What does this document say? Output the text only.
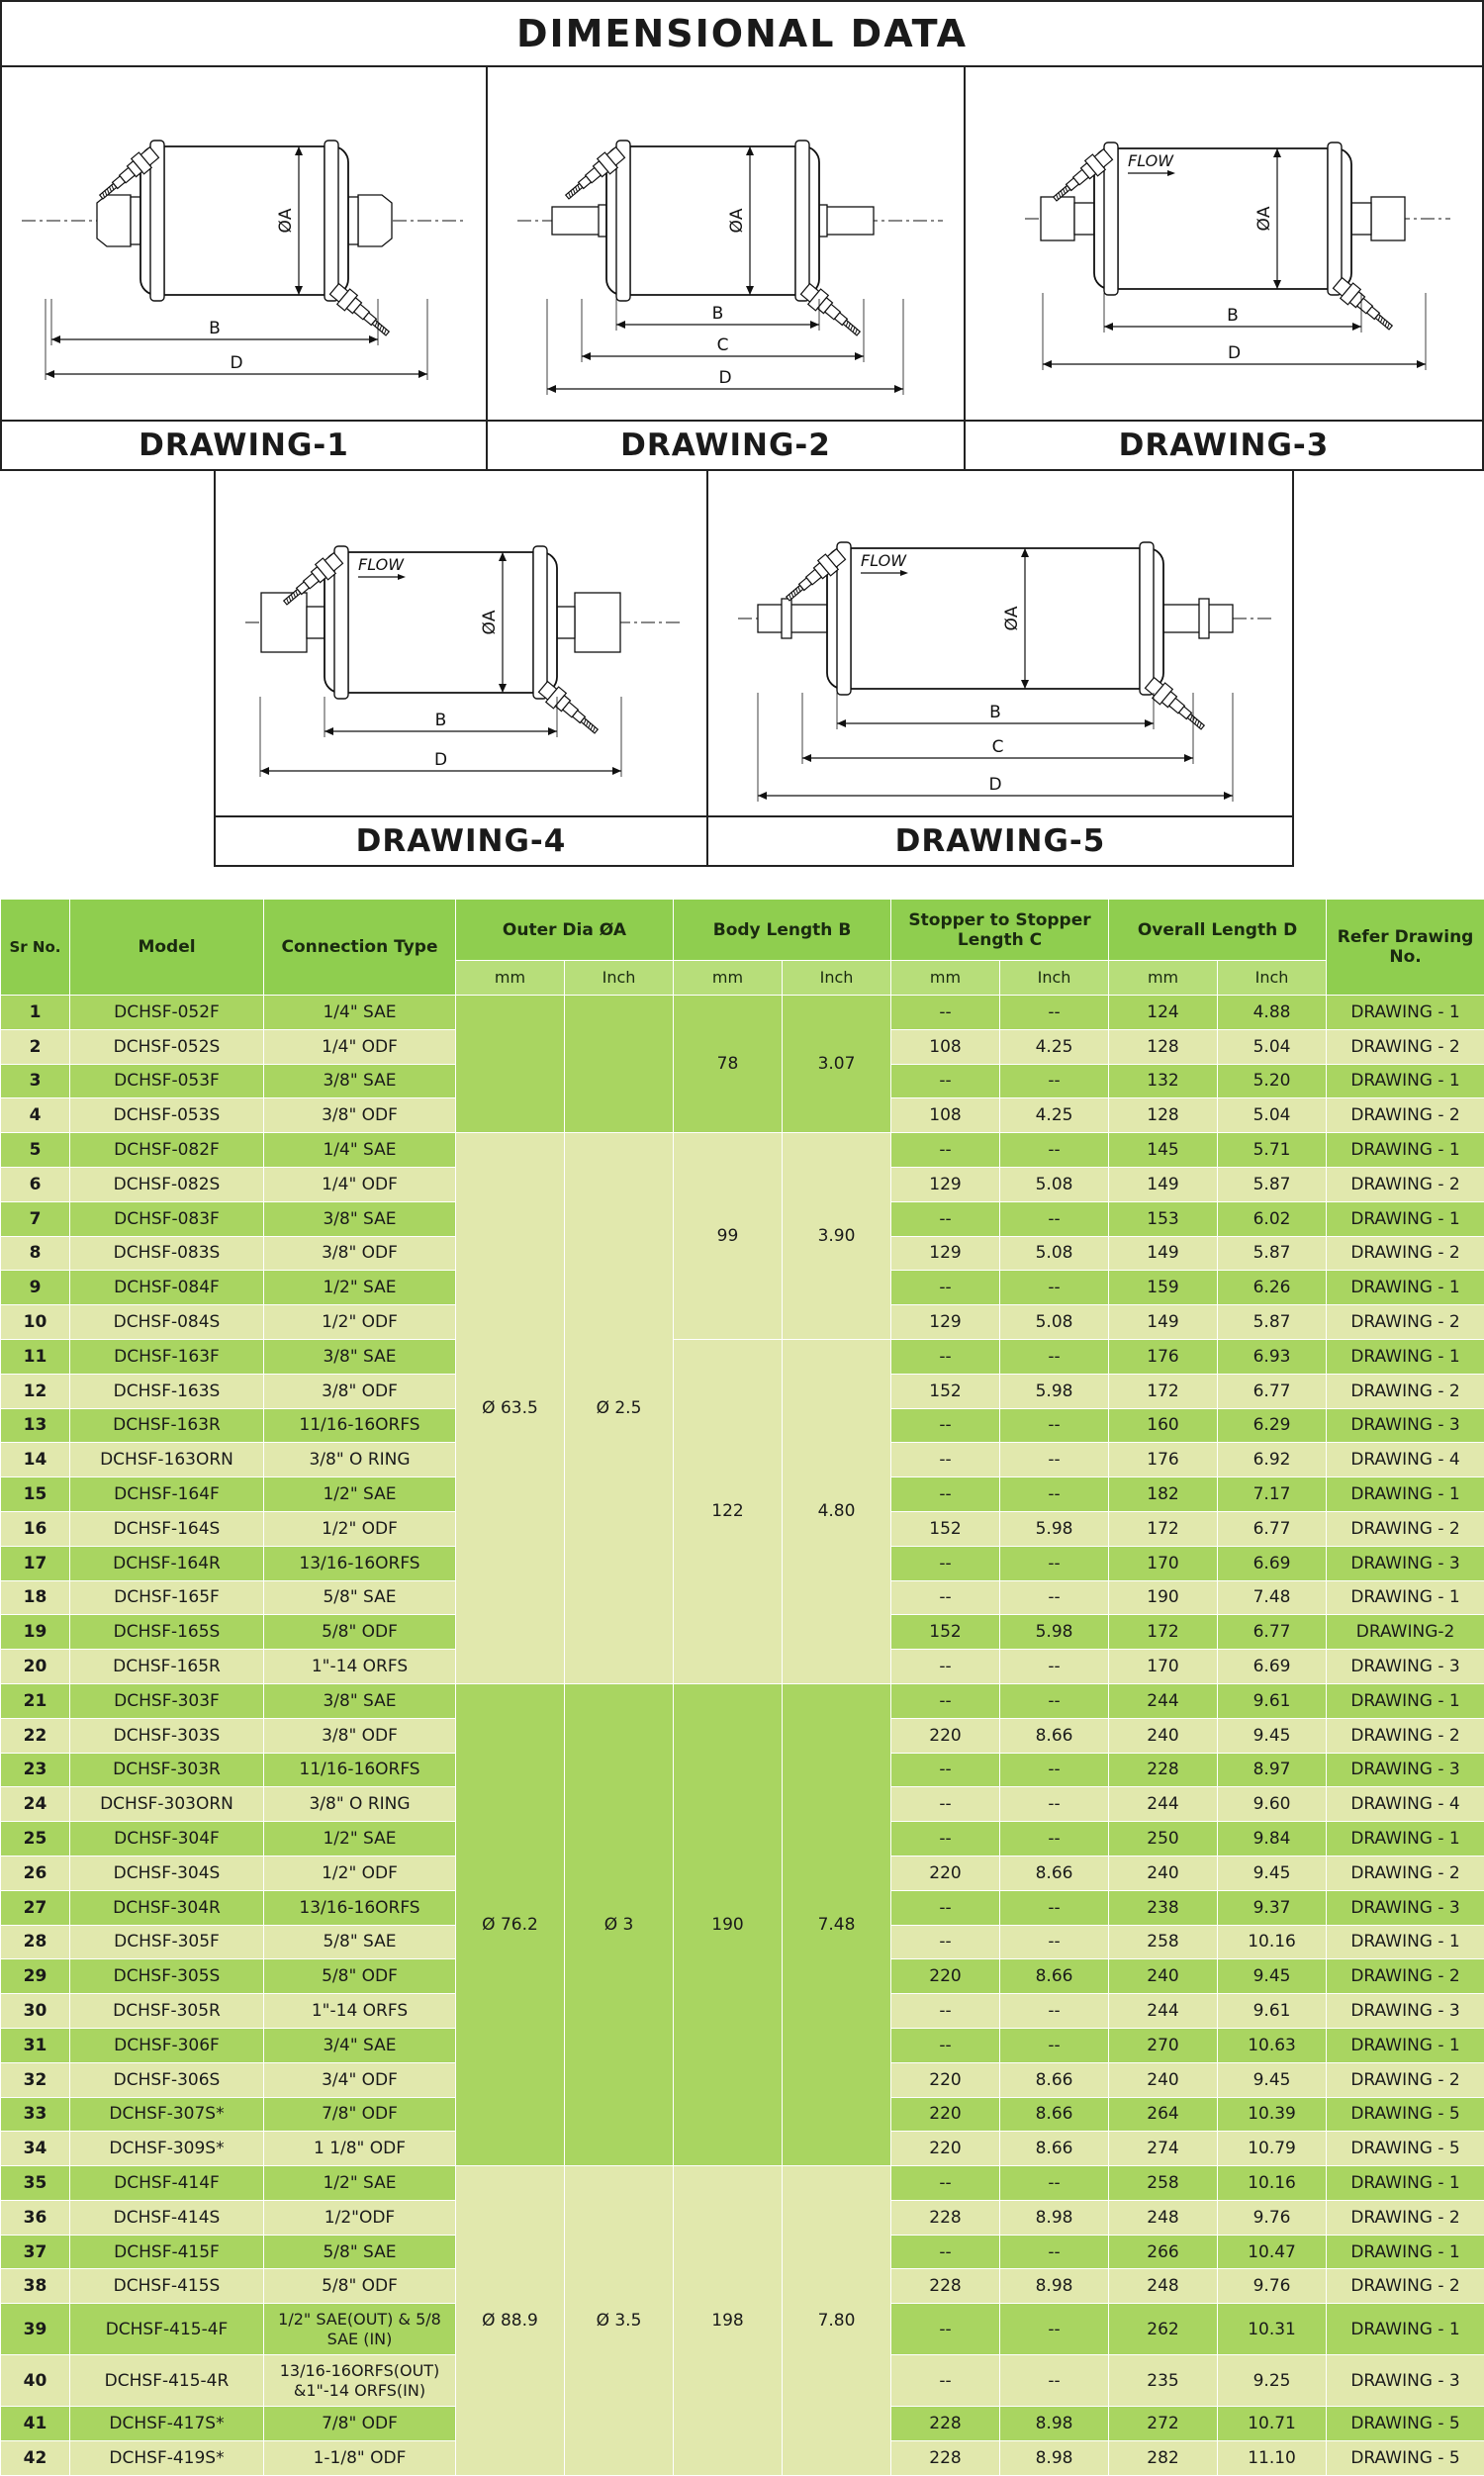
DIMENSIONAL DATA
ØA
B
D
DRAWING-1
ØA
B
C
D
DRAWING-2
ØA
FLOW
B
D
DRAWING-3
ØA
FLOW
B
D
DRAWING-4
ØA
FLOW
B
C
D
DRAWING-5
Sr No.	Model	Connection Type	Outer Dia ØA		Body Length B		Stopper to Stopper Length C		Overall Length D		Refer Drawing No.
			mm	Inch	mm	Inch	mm	Inch	mm	Inch	
1	DCHSF-052F	1/4" SAE			78	3.07	--	--	124	4.88	DRAWING - 1
2	DCHSF-052S	1/4" ODF					108	4.25	128	5.04	DRAWING - 2
3	DCHSF-053F	3/8" SAE					--	--	132	5.20	DRAWING - 1
4	DCHSF-053S	3/8" ODF					108	4.25	128	5.04	DRAWING - 2
5	DCHSF-082F	1/4" SAE	Ø 63.5	Ø 2.5	99	3.90	--	--	145	5.71	DRAWING - 1
6	DCHSF-082S	1/4" ODF					129	5.08	149	5.87	DRAWING - 2
7	DCHSF-083F	3/8" SAE					--	--	153	6.02	DRAWING - 1
8	DCHSF-083S	3/8" ODF					129	5.08	149	5.87	DRAWING - 2
9	DCHSF-084F	1/2" SAE					--	--	159	6.26	DRAWING - 1
10	DCHSF-084S	1/2" ODF					129	5.08	149	5.87	DRAWING - 2
11	DCHSF-163F	3/8" SAE			122	4.80	--	--	176	6.93	DRAWING - 1
12	DCHSF-163S	3/8" ODF					152	5.98	172	6.77	DRAWING - 2
13	DCHSF-163R	11/16-16ORFS					--	--	160	6.29	DRAWING - 3
14	DCHSF-163ORN	3/8" O RING					--	--	176	6.92	DRAWING - 4
15	DCHSF-164F	1/2" SAE					--	--	182	7.17	DRAWING - 1
16	DCHSF-164S	1/2" ODF					152	5.98	172	6.77	DRAWING - 2
17	DCHSF-164R	13/16-16ORFS					--	--	170	6.69	DRAWING - 3
18	DCHSF-165F	5/8" SAE					--	--	190	7.48	DRAWING - 1
19	DCHSF-165S	5/8" ODF					152	5.98	172	6.77	DRAWING-2
20	DCHSF-165R	1"-14 ORFS					--	--	170	6.69	DRAWING - 3
21	DCHSF-303F	3/8" SAE	Ø 76.2	Ø 3	190	7.48	--	--	244	9.61	DRAWING - 1
22	DCHSF-303S	3/8" ODF					220	8.66	240	9.45	DRAWING - 2
23	DCHSF-303R	11/16-16ORFS					--	--	228	8.97	DRAWING - 3
24	DCHSF-303ORN	3/8" O RING					--	--	244	9.60	DRAWING - 4
25	DCHSF-304F	1/2" SAE					--	--	250	9.84	DRAWING - 1
26	DCHSF-304S	1/2" ODF					220	8.66	240	9.45	DRAWING - 2
27	DCHSF-304R	13/16-16ORFS					--	--	238	9.37	DRAWING - 3
28	DCHSF-305F	5/8" SAE					--	--	258	10.16	DRAWING - 1
29	DCHSF-305S	5/8" ODF					220	8.66	240	9.45	DRAWING - 2
30	DCHSF-305R	1"-14 ORFS					--	--	244	9.61	DRAWING - 3
31	DCHSF-306F	3/4" SAE					--	--	270	10.63	DRAWING - 1
32	DCHSF-306S	3/4" ODF					220	8.66	240	9.45	DRAWING - 2
33	DCHSF-307S*	7/8" ODF					220	8.66	264	10.39	DRAWING - 5
34	DCHSF-309S*	1 1/8" ODF					220	8.66	274	10.79	DRAWING - 5
35	DCHSF-414F	1/2" SAE	Ø 88.9	Ø 3.5	198	7.80	--	--	258	10.16	DRAWING - 1
36	DCHSF-414S	1/2"ODF					228	8.98	248	9.76	DRAWING - 2
37	DCHSF-415F	5/8" SAE					--	--	266	10.47	DRAWING - 1
38	DCHSF-415S	5/8" ODF					228	8.98	248	9.76	DRAWING - 2
39	DCHSF-415-4F	1/2" SAE(OUT) & 5/8 SAE (IN)					--	--	262	10.31	DRAWING - 1
40	DCHSF-415-4R	13/16-16ORFS(OUT) &1"-14 ORFS(IN)					--	--	235	9.25	DRAWING - 3
41	DCHSF-417S*	7/8" ODF					228	8.98	272	10.71	DRAWING - 5
42	DCHSF-419S*	1-1/8" ODF					228	8.98	282	11.10	DRAWING - 5
